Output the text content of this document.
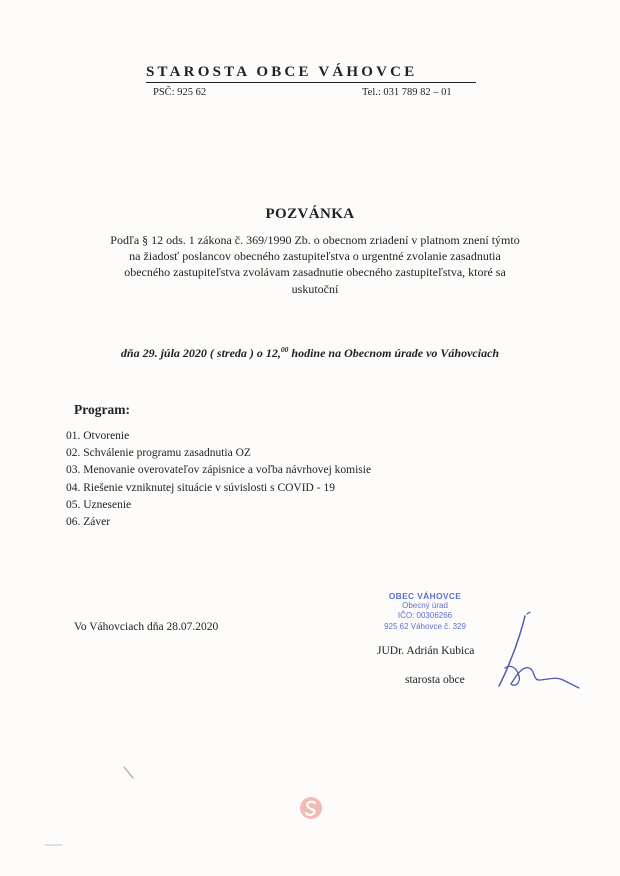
STAROSTA OBCE VÁHOVCE
PSČ: 925 62	Tel.: 031 789 82 – 01
POZVÁNKA
Podľa § 12 ods. 1 zákona č. 369/1990 Zb. o obecnom zriadení v platnom znení týmto
na žiadosť poslancov obecného zastupiteľstva o urgentné zvolanie zasadnutia
obecného zastupiteľstva zvolávam zasadnutie obecného zastupiteľstva, ktoré sa
uskutoční
dňa 29. júla 2020 ( streda ) o 12,00 hodine na Obecnom úrade vo Váhovciach
Program:
01. Otvorenie
02. Schválenie programu zasadnutia OZ
03. Menovanie overovateľov zápisnice a voľba návrhovej komisie
04. Riešenie vzniknutej situácie v súvislosti s COVID - 19
05. Uznesenie
06. Záver
Vo Váhovciach dňa 28.07.2020
OBEC VÁHOVCE
Obecný úrad
IČO: 00306266
925 62 Váhovce č. 329
JUDr. Adrián Kubica
starosta obce
